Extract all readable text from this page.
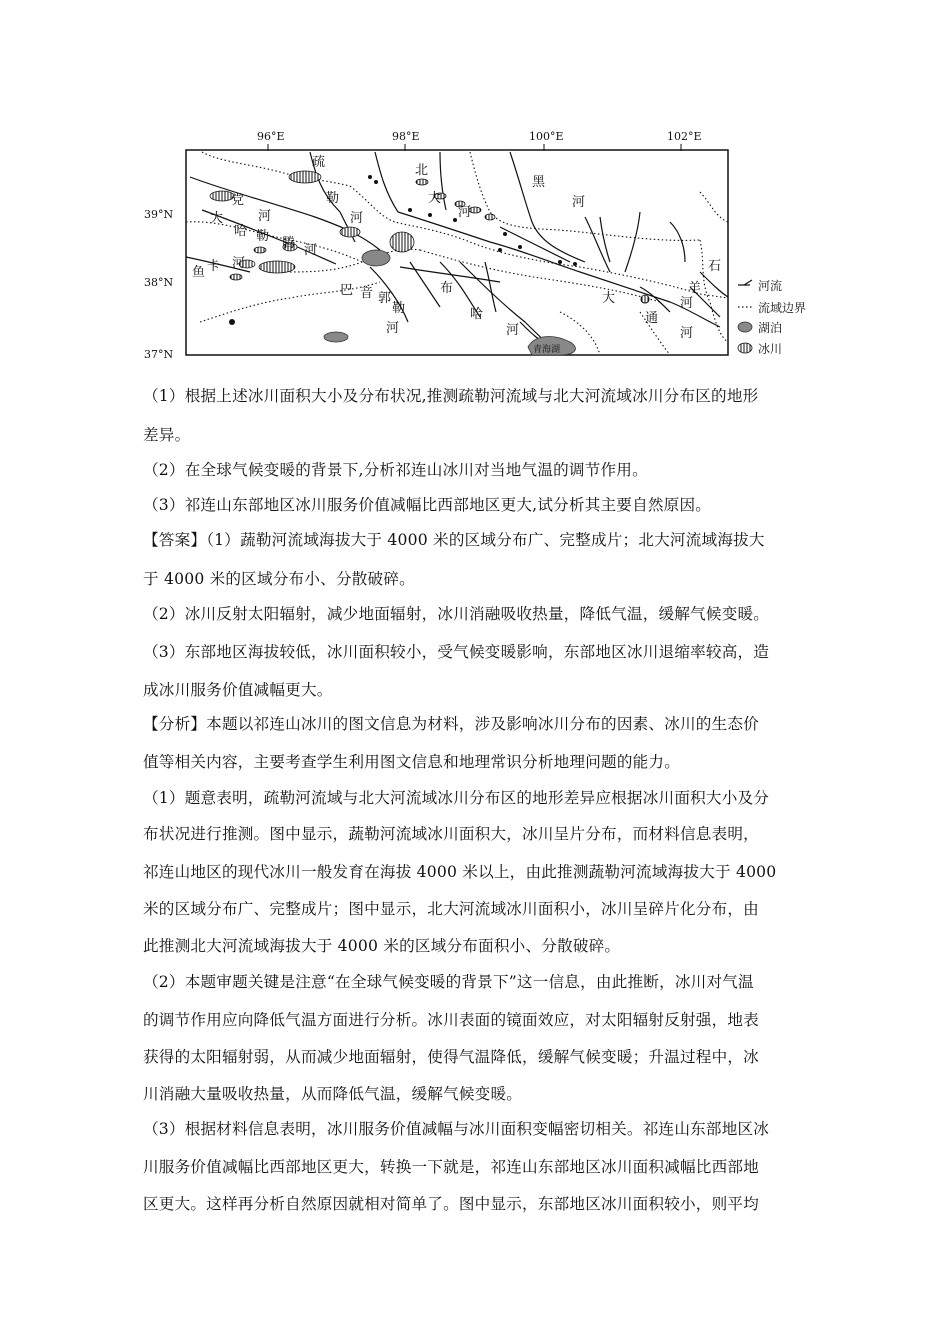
96°E	98°E	100°E	102°E
39°N
38°N
37°N
疏
勒
河
党
河
大
哈 勒 腾 河
鱼 卡 河
北
大
河
黑
河
巴 音 郭
勒
河
布
哈
河
大
通
河
石
羊
河
青海湖
河流
流域边界
湖泊
冰川
（1）根据上述冰川面积大小及分布状况,推测疏勒河流域与北大河流域冰川分布区的地形
差异。
（2）在全球气候变暖的背景下,分析祁连山冰川对当地气温的调节作用。
（3）祁连山东部地区冰川服务价值减幅比西部地区更大,试分析其主要自然原因。
【答案】（1）蔬勒河流域海拔大于 4000 米的区域分布广、完整成片；北大河流域海拔大
于 4000 米的区域分布小、分散破碎。
（2）冰川反射太阳辐射，减少地面辐射，冰川消融吸收热量，降低气温，缓解气候变暖。
（3）东部地区海拔较低，冰川面积较小，受气候变暖影响，东部地区冰川退缩率较高，造
成冰川服务价值减幅更大。
【分析】本题以祁连山冰川的图文信息为材料，涉及影响冰川分布的因素、冰川的生态价
值等相关内容，主要考查学生利用图文信息和地理常识分析地理问题的能力。
（1）题意表明，疏勒河流域与北大河流域冰川分布区的地形差异应根据冰川面积大小及分
布状况进行推测。图中显示，蔬勒河流域冰川面积大，冰川呈片分布，而材料信息表明，
祁连山地区的现代冰川一般发育在海拔 4000 米以上，由此推测蔬勒河流域海拔大于 4000
米的区域分布广、完整成片；图中显示，北大河流域冰川面积小，冰川呈碎片化分布，由
此推测北大河流域海拔大于 4000 米的区域分布面积小、分散破碎。
（2）本题审题关键是注意“在全球气候变暖的背景下”这一信息，由此推断，冰川对气温
的调节作用应向降低气温方面进行分析。冰川表面的镜面效应，对太阳辐射反射强，地表
获得的太阳辐射弱，从而减少地面辐射，使得气温降低，缓解气候变暖；升温过程中，冰
川消融大量吸收热量，从而降低气温，缓解气候变暖。
（3）根据材料信息表明，冰川服务价值减幅与冰川面积变幅密切相关。祁连山东部地区冰
川服务价值减幅比西部地区更大，转换一下就是，祁连山东部地区冰川面积减幅比西部地
区更大。这样再分析自然原因就相对简单了。图中显示，东部地区冰川面积较小，则平均
